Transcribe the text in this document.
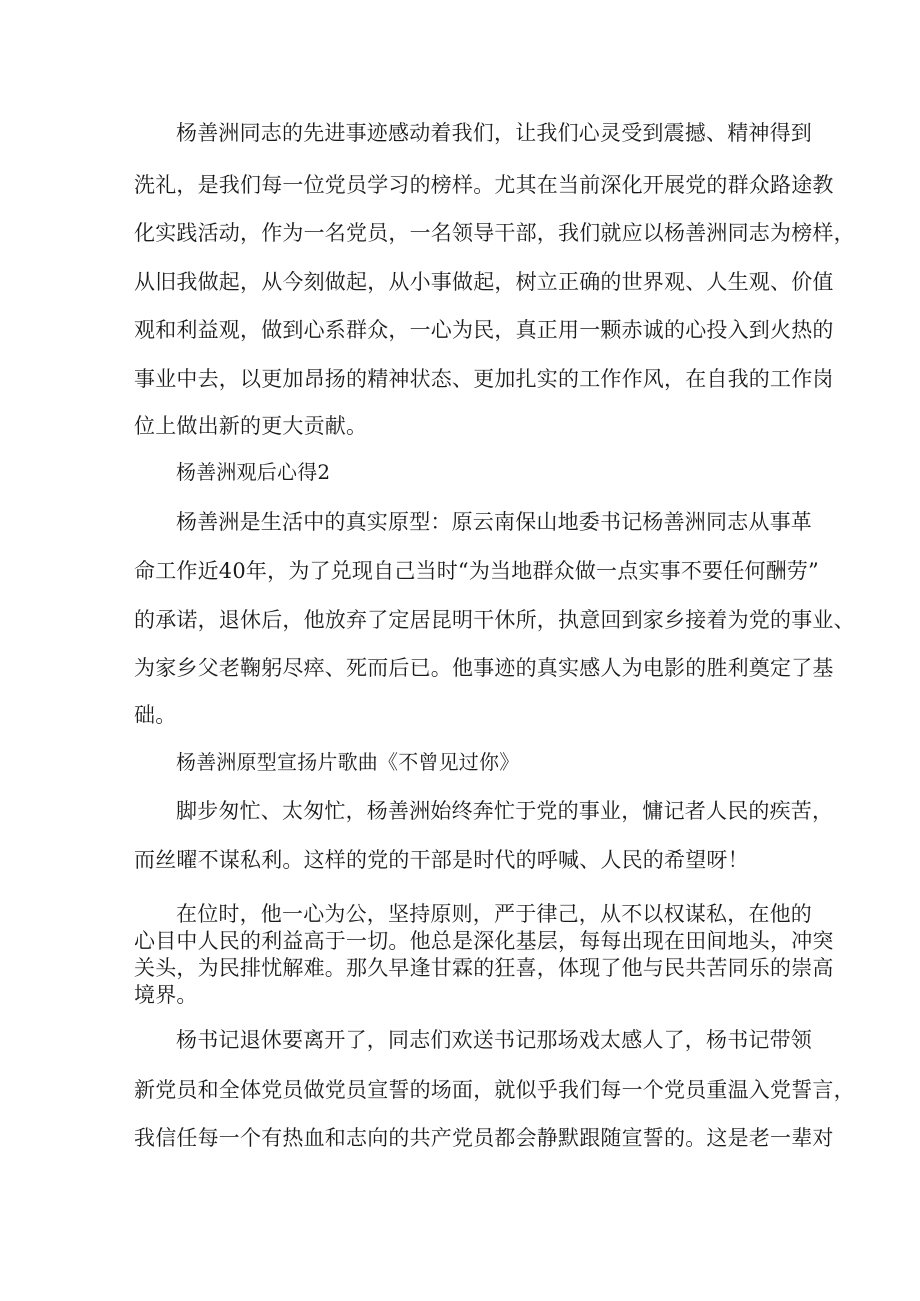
杨善洲同志的先进事迹感动着我们，让我们心灵受到震撼、精神得到
洗礼，是我们每一位党员学习的榜样。尤其在当前深化开展党的群众路途教
化实践活动，作为一名党员，一名领导干部，我们就应以杨善洲同志为榜样，
从旧我做起，从今刻做起，从小事做起，树立正确的世界观、人生观、价值
观和利益观，做到心系群众，一心为民，真正用一颗赤诚的心投入到火热的
事业中去，以更加昂扬的精神状态、更加扎实的工作作风，在自我的工作岗
位上做出新的更大贡献。
杨善洲观后心得2
杨善洲是生活中的真实原型：原云南保山地委书记杨善洲同志从事革
命工作近40年，为了兑现自己当时“为当地群众做一点实事不要任何酬劳”
的承诺，退休后，他放弃了定居昆明干休所，执意回到家乡接着为党的事业、
为家乡父老鞠躬尽瘁、死而后已。他事迹的真实感人为电影的胜利奠定了基
础。
杨善洲原型宣扬片歌曲《不曾见过你》
脚步匆忙、太匆忙，杨善洲始终奔忙于党的事业，慵记者人民的疾苦，
而丝曜不谋私利。这样的党的干部是时代的呼喊、人民的希望呀！
在位时，他一心为公，坚持原则，严于律己，从不以权谋私，在他的
心目中人民的利益高于一切。他总是深化基层，每每出现在田间地头，冲突
关头，为民排忧解难。那久早逢甘霖的狂喜，体现了他与民共苦同乐的崇高
境界。
杨书记退休要离开了，同志们欢送书记那场戏太感人了，杨书记带领
新党员和全体党员做党员宣誓的场面，就似乎我们每一个党员重温入党誓言，
我信任每一个有热血和志向的共产党员都会静默跟随宣誓的。这是老一辈对
